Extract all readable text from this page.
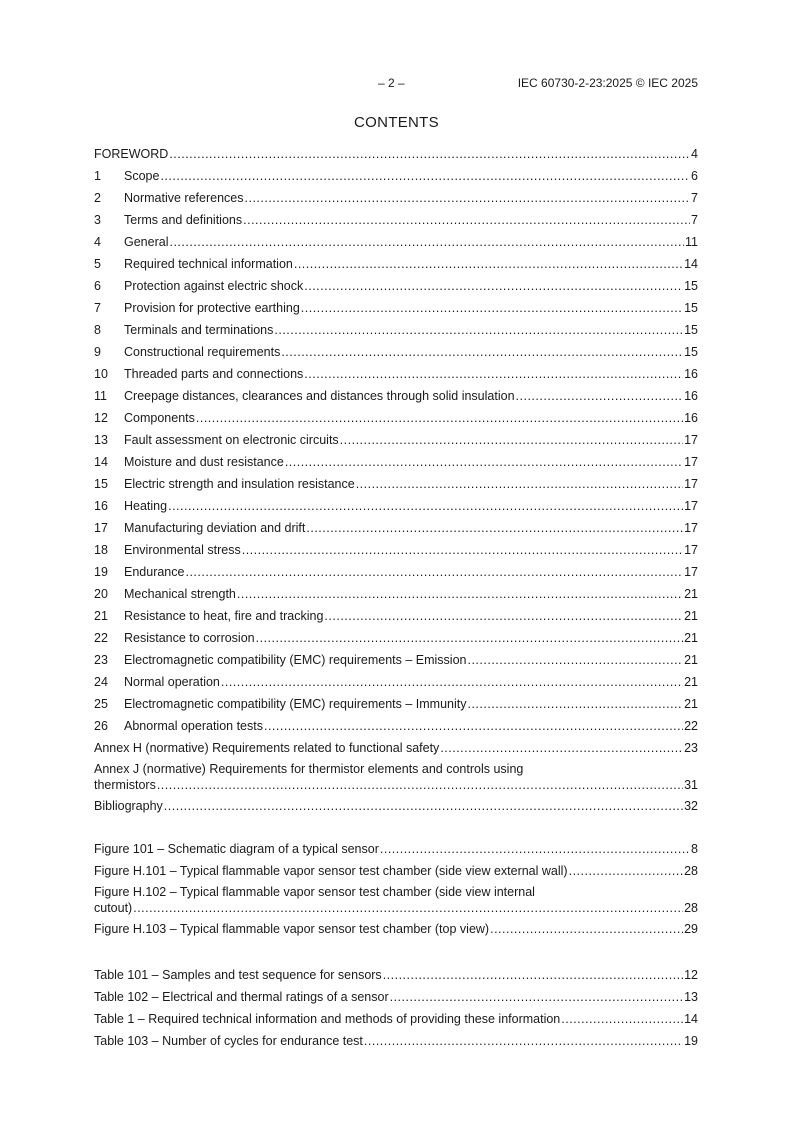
– 2 –	IEC 60730-2-23:2025 © IEC 2025
CONTENTS
FOREWORD .....	4
1	Scope .....	6
2	Normative references .....	7
3	Terms and definitions .....	7
4	General .....	11
5	Required technical information .....	14
6	Protection against electric shock .....	15
7	Provision for protective earthing .....	15
8	Terminals and terminations .....	15
9	Constructional requirements .....	15
10	Threaded parts and connections .....	16
11	Creepage distances, clearances and distances through solid insulation .....	16
12	Components .....	16
13	Fault assessment on electronic circuits .....	17
14	Moisture and dust resistance .....	17
15	Electric strength and insulation resistance .....	17
16	Heating .....	17
17	Manufacturing deviation and drift .....	17
18	Environmental stress .....	17
19	Endurance .....	17
20	Mechanical strength .....	21
21	Resistance to heat, fire and tracking .....	21
22	Resistance to corrosion .....	21
23	Electromagnetic compatibility (EMC) requirements – Emission .....	21
24	Normal operation .....	21
25	Electromagnetic compatibility (EMC) requirements – Immunity .....	21
26	Abnormal operation tests .....	22
Annex H (normative) Requirements related to functional safety .....	23
Annex J (normative) Requirements for thermistor elements and controls using
thermistors .....	31
Bibliography .....	32
Figure 101 – Schematic diagram of a typical sensor .....	8
Figure H.101 – Typical flammable vapor sensor test chamber (side view external wall) .....	28
Figure H.102 – Typical flammable vapor sensor test chamber (side view internal
cutout) .....	28
Figure H.103 – Typical flammable vapor sensor test chamber (top view) .....	29
Table 101 – Samples and test sequence for sensors .....	12
Table 102 – Electrical and thermal ratings of a sensor .....	13
Table 1 – Required technical information and methods of providing these information .....	14
Table 103 – Number of cycles for endurance test .....	19
